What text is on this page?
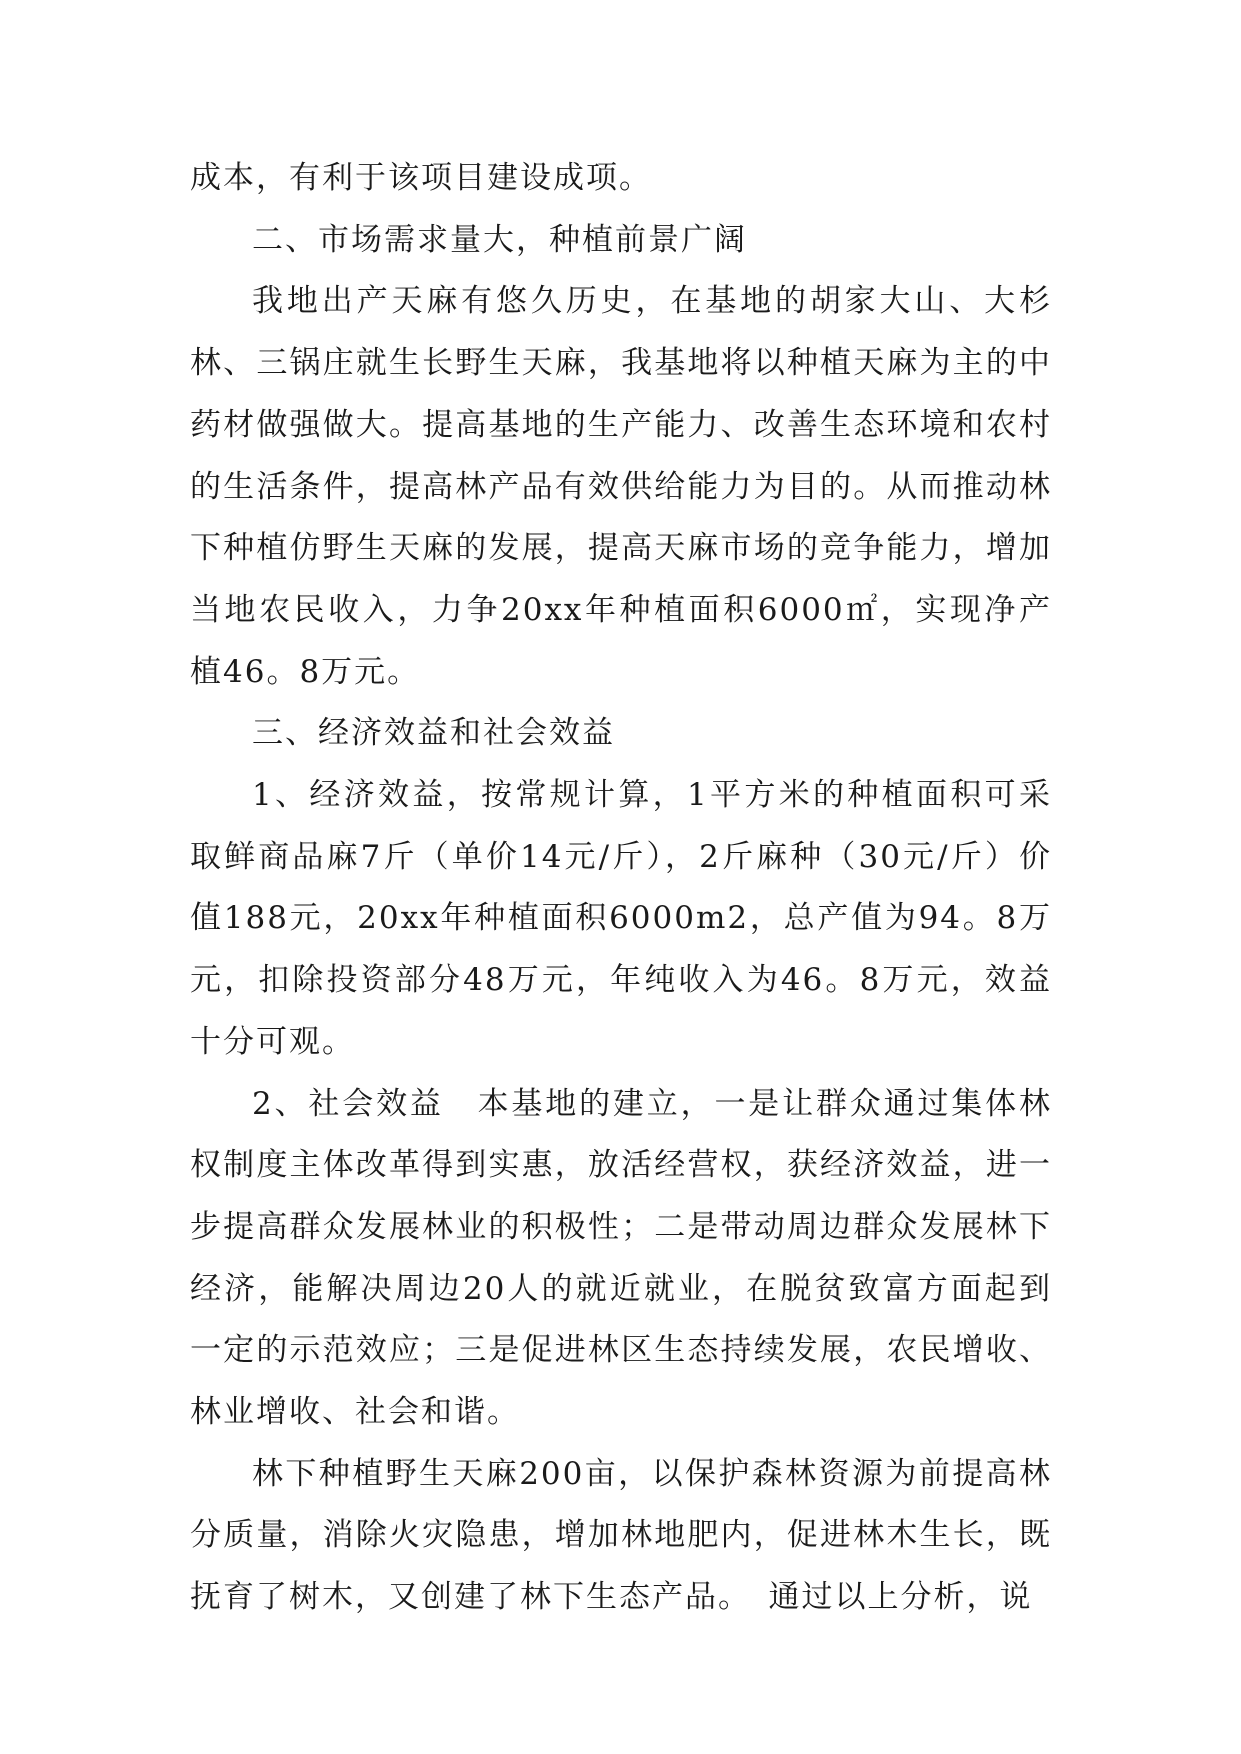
成本，有利于该项目建设成项。

二、市场需求量大，种植前景广阔

我地出产天麻有悠久历史，在基地的胡家大山、大杉林、三锅庄就生长野生天麻，我基地将以种植天麻为主的中药材做强做大。提高基地的生产能力、改善生态环境和农村的生活条件，提高林产品有效供给能力为目的。从而推动林下种植仿野生天麻的发展，提高天麻市场的竞争能力，增加当地农民收入，力争20xx年种植面积6000㎡，实现净产植46。8万元。

三、经济效益和社会效益

1、经济效益，按常规计算，1平方米的种植面积可采取鲜商品麻7斤（单价14元/斤），2斤麻种（30元/斤）价值188元，20xx年种植面积6000m2，总产值为94。8万元，扣除投资部分48万元，年纯收入为46。8万元，效益十分可观。

2、社会效益　本基地的建立，一是让群众通过集体林权制度主体改革得到实惠，放活经营权，获经济效益，进一步提高群众发展林业的积极性；二是带动周边群众发展林下经济，能解决周边20人的就近就业，在脱贫致富方面起到一定的示范效应；三是促进林区生态持续发展，农民增收、林业增收、社会和谐。

林下种植野生天麻200亩，以保护森林资源为前提高林分质量，消除火灾隐患，增加林地肥内，促进林木生长，既抚育了树木，又创建了林下生态产品。　通过以上分析，说
